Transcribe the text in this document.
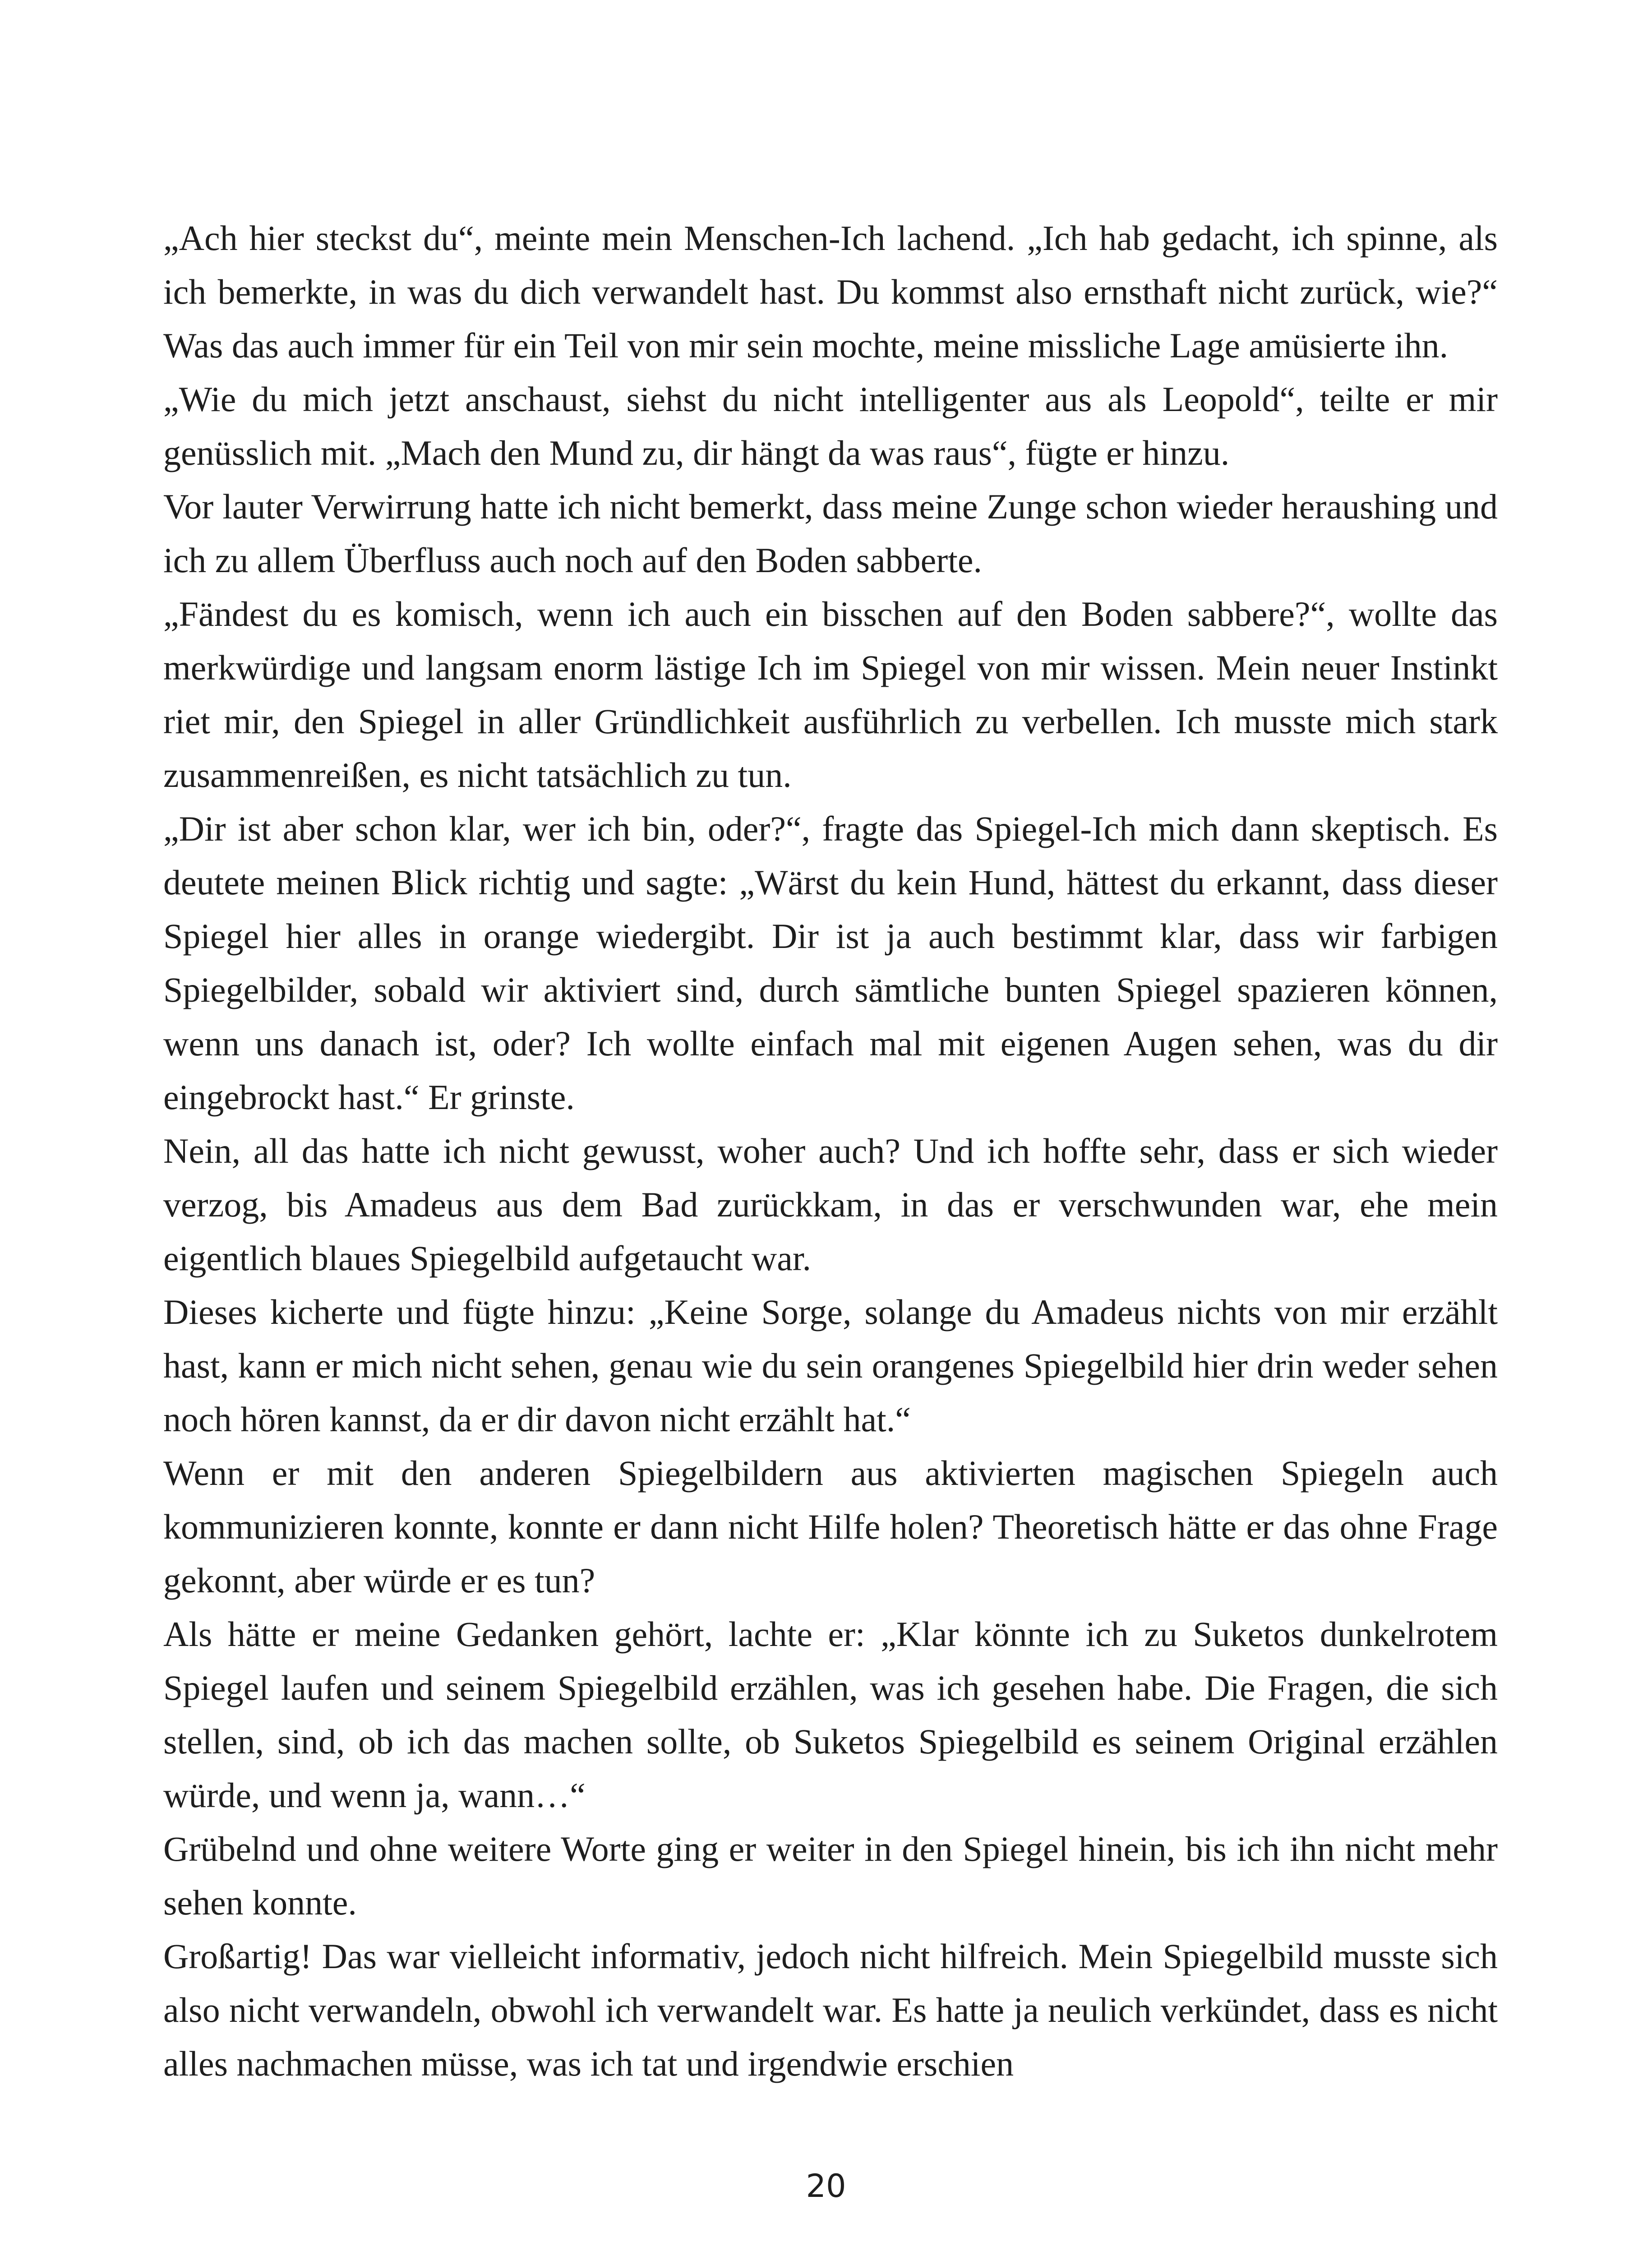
„Ach hier steckst du“, meinte mein Menschen-Ich lachend. „Ich hab gedacht, ich spinne, als ich bemerkte, in was du dich verwandelt hast. Du kommst also ernsthaft nicht zurück, wie?“ Was das auch immer für ein Teil von mir sein mochte, meine missliche Lage amüsierte ihn.

„Wie du mich jetzt anschaust, siehst du nicht intelligenter aus als Leopold“, teilte er mir genüsslich mit. „Mach den Mund zu, dir hängt da was raus“, fügte er hinzu.

Vor lauter Verwirrung hatte ich nicht bemerkt, dass meine Zunge schon wieder heraushing und ich zu allem Überfluss auch noch auf den Boden sabberte.

„Fändest du es komisch, wenn ich auch ein bisschen auf den Boden sabbere?“, wollte das merkwürdige und langsam enorm lästige Ich im Spiegel von mir wissen. Mein neuer Instinkt riet mir, den Spiegel in aller Gründlichkeit ausführlich zu verbellen. Ich musste mich stark zusammenreißen, es nicht tatsächlich zu tun.

„Dir ist aber schon klar, wer ich bin, oder?“, fragte das Spiegel-Ich mich dann skeptisch. Es deutete meinen Blick richtig und sagte: „Wärst du kein Hund, hättest du erkannt, dass dieser Spiegel hier alles in orange wiedergibt. Dir ist ja auch bestimmt klar, dass wir farbigen Spiegelbilder, sobald wir aktiviert sind, durch sämtliche bunten Spiegel spazieren können, wenn uns danach ist, oder? Ich wollte einfach mal mit eigenen Augen sehen, was du dir eingebrockt hast.“ Er grinste.

Nein, all das hatte ich nicht gewusst, woher auch? Und ich hoffte sehr, dass er sich wieder verzog, bis Amadeus aus dem Bad zurückkam, in das er verschwunden war, ehe mein eigentlich blaues Spiegelbild aufgetaucht war.

Dieses kicherte und fügte hinzu: „Keine Sorge, solange du Amadeus nichts von mir erzählt hast, kann er mich nicht sehen, genau wie du sein orangenes Spiegelbild hier drin weder sehen noch hören kannst, da er dir davon nicht erzählt hat.“

Wenn er mit den anderen Spiegelbildern aus aktivierten magischen Spiegeln auch kommunizieren konnte, konnte er dann nicht Hilfe holen? Theoretisch hätte er das ohne Frage gekonnt, aber würde er es tun?

Als hätte er meine Gedanken gehört, lachte er: „Klar könnte ich zu Suketos dunkelrotem Spiegel laufen und seinem Spiegelbild erzählen, was ich gesehen habe. Die Fragen, die sich stellen, sind, ob ich das machen sollte, ob Suketos Spiegelbild es seinem Original erzählen würde, und wenn ja, wann…“

Grübelnd und ohne weitere Worte ging er weiter in den Spiegel hinein, bis ich ihn nicht mehr sehen konnte.

Großartig! Das war vielleicht informativ, jedoch nicht hilfreich. Mein Spiegelbild musste sich also nicht verwandeln, obwohl ich verwandelt war. Es hatte ja neulich verkündet, dass es nicht alles nachmachen müsse, was ich tat und irgendwie erschien

20
